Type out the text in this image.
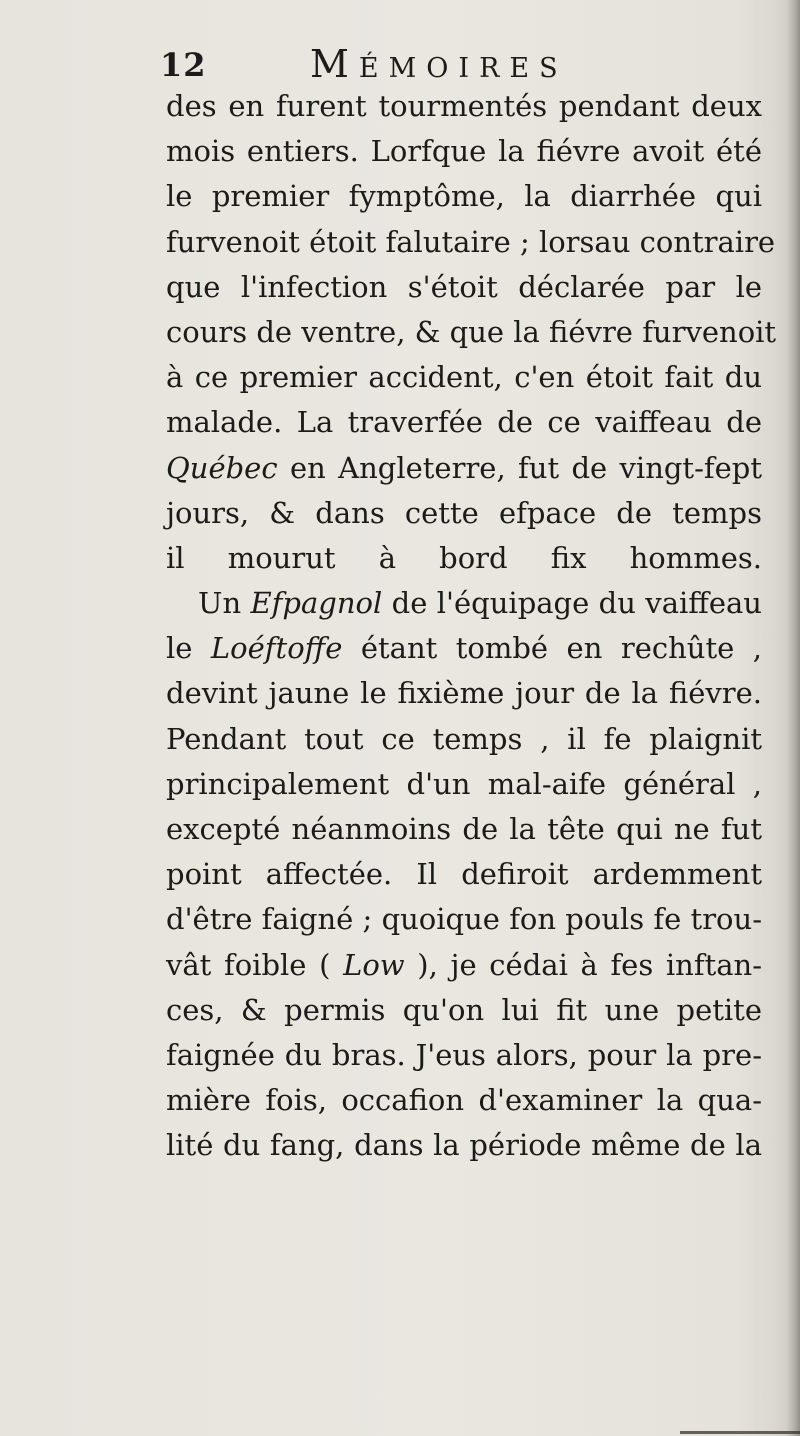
12	Mémoires
des en furent tourmentés pendant deux
mois entiers. Lorfque la fiévre avoit été
le premier fymptôme, la diarrhée qui
furvenoit étoit falutaire ; lorsau contraire
que l'infection s'étoit déclarée par le
cours de ventre, & que la fiévre furvenoit
à ce premier accident, c'en étoit fait du
malade. La traverfée de ce vaiffeau de
Québec en Angleterre, fut de vingt-fept
jours, & dans cette efpace de temps
il mourut à bord fix hommes.
Un Efpagnol de l'équipage du vaiffeau
le Loéftoffe étant tombé en rechûte ,
devint jaune le fixième jour de la fiévre.
Pendant tout ce temps , il fe plaignit
principalement d'un mal-aife général ,
excepté néanmoins de la tête qui ne fut
point affectée. Il defiroit ardemment
d'être faigné ; quoique fon pouls fe trou-
vât foible ( Low ), je cédai à fes inftan-
ces, & permis qu'on lui fit une petite
faignée du bras. J'eus alors, pour la pre-
mière fois, occafion d'examiner la qua-
lité du fang, dans la période même de la
